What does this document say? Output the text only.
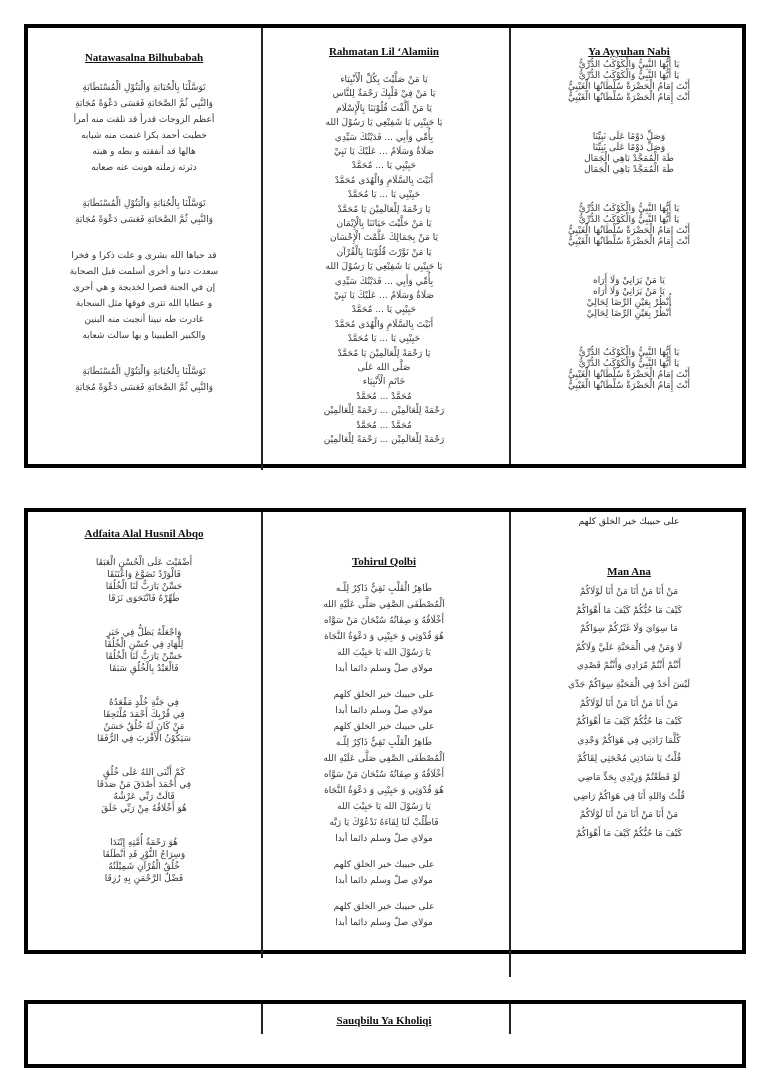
Natawasalna Bilhubabah
تَوَسَّلْنَا بِالْحُبَابَةِ وَالْبَتُوْلِ الْمُسْتَطَابَةِ
وَالنَّبِي ثُمَّ الصَّحَابَةِ فَعَسَى دَعْوَةً مُجَابَةِ
أعظم الزوجات قدرأ قد تلقت منه أمرأ
خطبت أحمد بكرا غنمت منه شبابه
هالها قد أنفقته و بطه و هبته
دثرته زملته هونت عنه صعابه
تَوَسَّلْنَا بِالْحُبَابَةِ وَالْبَتُوْلِ الْمُسْتَطَابَةِ
وَالنَّبِي ثُمَّ الصَّحَابَةِ فَعَسَى دَعْوَةً مُجَابَةِ
قد حباها الله بشرى و علت ذكرا و فخرا
سعدت دنيا و أخرى أسلمت قبل الصحابة
إن في الجنة قصرا لخديجة و هي أحرى
و عطايا الله تترى فوقها مثل السحابة
غادرت طه نبينا أنجبت منه البنين
والكبير الطيبينا و بها سالت شعابه
تَوَسَّلْنَا بِالْحُبَابَةِ وَالْبَتُوْلِ الْمُسْتَطَابَةِ
وَالنَّبِي ثُمَّ الصَّحَابَةِ فَعَسَى دَعْوَةً مُجَابَةِ
Rahmatan Lil ‘Alamiin
يَا مَنْ صَلَّيْتَ بِكُلِّ الْأَنْبِيَاء
يَا مَنْ فِيْ قَلْبِكَ رَحْمَةٌ لِلنَّاس
يَا مَنْ أَلَّفْتَ قُلُوْبَنَا بِالْإِسْلَام
يَا حَبِيْبِي يَا شَفِيْعِي يَا رَسُوْلَ الله
بِأُمِّي وَأَبِي ... فَدَيْتُكَ سَيِّدِي
صَلَاةٌ وَسَلَامٌ ... عَلَيْكَ يَا نَبِيْ
حَبِيْبِي يَا ... مُحَمَّدْ
أَتَيْتَ بِالسَّلَامِ وَالْهُدَى مُحَمَّدْ
حَبِيْبِي يَا ... يَا مُحَمَّدْ
يَا رَحْمَةً لِلْعَالَمِيْنَ يَا مُحَمَّدْ
يَا مَنْ حَلَّيْتَ حَيَاتَنَا بِالْإِيْمَان
يَا مَنْ بِجَمَالِكَ عَلَّمْتَ الْإِحْسَان
يَا مَنْ نَوَّرْتَ قُلُوْبَنَا بِالْقُرْآن
يَا حَبِيْبِي يَا شَفِيْعِي يَا رَسُوْلَ الله
بِأُمِّي وَأَبِي ... فَدَيْتُكَ سَيِّدِي
صَلَاةٌ وَسَلَامٌ ... عَلَيْكَ يَا نَبِيْ
حَبِيْبِي يَا ... مُحَمَّدْ
أَتَيْتَ بِالسَّلَامِ وَالْهُدَى مُحَمَّدْ
حَبِيْبِي يَا ... يَا مُحَمَّدْ
يَا رَحْمَةً لِلْعَالَمِيْنَ يَا مُحَمَّدْ
صَلَّى الله عَلَى
خَاتَمِ الْأَنْبِيَاء
مُحَمَّدْ ... مُحَمَّدْ
رَحْمَةً لِلْعَالَمِيْن ... رَحْمَةً لِلْعَالَمِيْن
مُحَمَّدْ ... مُحَمَّدْ
رَحْمَةً لِلْعَالَمِيْن ... رَحْمَةً لِلْعَالَمِيْن
Ya Ayyuhan Nabi
يَا أَيُّهَا النَّبِيُّ وَالْكَوْكَبُ الدُّرِّيُّ
يَا أَيُّهَا النَّبِيُّ وَالْكَوْكَبُ الدُّرِّيُّ
أَنْتَ إِمَامُ الْحَضْرَةْ سُلْطَانُهَا الْغَيْبِيُّ
أَنْتَ إِمَامُ الْحَضْرَةْ سُلْطَانُهَا الْغَيْبِيُّ
وَصَلِّ دَوْمًا عَلَى نَبِيِّنَا
وَصَلِّ دَوْمًا عَلَى نَبِيِّنَا
طَهَ الْمُمَجَّدْ بَاهِي الْجَمَال
طَهَ الْمُمَجَّدْ بَاهِي الْجَمَال
يَا أَيُّهَا النَّبِيُّ وَالْكَوْكَبُ الدُّرِّيُّ
يَا أَيُّهَا النَّبِيُّ وَالْكَوْكَبُ الدُّرِّيُّ
أَنْتَ إِمَامُ الْحَضْرَةْ سُلْطَانُهَا الْغَيْبِيُّ
أَنْتَ إِمَامُ الْحَضْرَةْ سُلْطَانُهَا الْغَيْبِيُّ
يَا مَنْ يَرَانِيْ وَلَا أَرَاه
يَا مَنْ يَرَانِيْ وَلَا أَرَاه
أُنْظُرْ بِعَيْنِ الرِّضَا لِحَالِيْ
أُنْظُرْ بِعَيْنِ الرِّضَا لِحَالِيْ
يَا أَيُّهَا النَّبِيُّ وَالْكَوْكَبُ الدُّرِّيُّ
يَا أَيُّهَا النَّبِيُّ وَالْكَوْكَبُ الدُّرِّيُّ
أَنْتَ إِمَامُ الْحَضْرَةْ سُلْطَانُهَا الْغَيْبِيُّ
أَنْتَ إِمَامُ الْحَضْرَةْ سُلْطَانُهَا الْغَيْبِيُّ
Adfaita Alal Husnil Abqo
أَضْفَيْتَ عَلَى الْحُسْنِ الْعَبَقَا
فَالْوَرْدُ تَضَوَّعَ وَاعْتَنَقَا
حَسِّنْ يَارَبُّ لَنَا الْخُلُقَا
طَهِّرْهُ فَانْتَحَوَى نَزَقَا
وَاجْعَلْهُ يَظَلُّ فِي خَبَرٍ
لِلْهَادِ فِي حُسْنِ الْخُلُقَا
حَسِّنْ يَارَبُّ لَنَا الْخُلُقَا
فَالْعَبْدُ بِالْخُلُقِ سَبَقَا
فِي جَنَّةِ خُلْدٍ مَقْعَدُهُ
فِي قُرْبِكَ أَحْمَدَ مُلْتَحِقَا
مَنْ كَانَ لَهُ خُلُقٌ حَسَنٌ
سَيَكُوْنُ الْأَقْرَبَ فِي الرُّفَقَا
كَمْ أَثْنَى اللهُ عَلَى خُلُقٍ
فِي أَحْمَدَ أَصْدَقَ مَنْ صَدَقَا
قَالَتْ رَبِّي عَرْشُهُ
هُوَ أَخْلَاقُهُ مِنْ رَبِّي خَلَقَ
هُوَ رَحْمَةُ أُمَّتِهِ إِبْتَدَا
وَسِرَاجُ النُّوْرِ قَدِ انْطَلَقَا
خُلُقُ الْقُرْآنِ شَمِيْلَتُهُ
فَضْلُ الرَّحْمَنِ بِهِ رُزِقَا
Tohirul Qolbi
طَاهِرُ الْقَلْبِ تَقِيٌّ ذَاكِرٌ لِلّـه
اَلْمُصْطَفَى الصَّفِي صَلَّى عَلَيْهِ الله
أَخْلَاقُهُ وَ صِفَاتُهُ سُبْحَانَ مَنْ سَوَّاه
هُوَ قُدْوَتِي وَ حَبِيْبِي وَ دَعْوَةُ النَّجَاة
يَا رَسُوْلَ الله يَا حَبِيْبَ الله
مولاي صلّ وسلم دائما أبدا
على حبيبك خير الخلق كلهم
مولاي صلّ وسلم دائما أبدا
على حبيبك خير الخلق كلهم
طَاهِرُ الْقَلْبِ تَقِيٌّ ذَاكِرٌ لِلّـه
اَلْمُصْطَفَى الصَّفِي صَلَّى عَلَيْهِ الله
أَخْلَاقُهُ وَ صِفَاتُهُ سُبْحَانَ مَنْ سَوَّاه
هُوَ قُدْوَتِي وَ حَبِيْبِي وَ دَعْوَةُ النَّجَاة
يَا رَسُوْلَ الله يَا حَبِيْبَ الله
فَاطْلُبْ لَنَا لِقَاءَهُ نَدْعُوْكَ يَا رَبَّه
مولاي صلّ وسلم دائما أبدا
على حبيبك خير الخلق كلهم
مولاي صلّ وسلم دائما أبدا
على حبيبك خير الخلق كلهم
مولاي صلّ وسلم دائما أبدا
على حبيبك خير الخلق كلهم
Man Ana
مَنْ أَنَا مَنْ أَنَا مَنْ أَنَا لَوْلَاكُمْ
كَيْفَ مَا حُبُّكُمْ كَيْفَ مَا أَهْوَاكُمْ
مَا سِوَايَ وَلَا غَيْرُكُمْ سِوَاكُمْ
لَا وَمَنْ فِي الْمَحَبَّةِ عَلَيَّ وَلَاكُمْ
أَنْتُمْ أَنْتُمْ مُرَادِي وَأَنْتُمْ قَصْدِي
لَيْسَ أَحَدٌ فِي الْمَحَبَّةِ سِوَاكُمْ جَدِّي
مَنْ أَنَا مَنْ أَنَا مَنْ أَنَا لَوْلَاكُمْ
كَيْفَ مَا حُبُّكُمْ كَيْفَ مَا أَهْوَاكُمْ
كُلَّمَا زَادَنِي فِي هَوَاكُمْ وَجْدِي
قُلْتُ يَا سَادَتِي مُحْجَتِي لِقَاكُمْ
لَوْ قَطَعْتُمْ وَرِيْدِي بِحَدٍّ مَاضِي
قُلْتُ وَاللهِ أَنَا فِي هَوَاكُمْ رَاضِي
مَنْ أَنَا مَنْ أَنَا مَنْ أَنَا لَوْلَاكُمْ
كَيْفَ مَا حُبُّكُمْ كَيْفَ مَا أَهْوَاكُمْ
Sauqbilu Ya Kholiqi
